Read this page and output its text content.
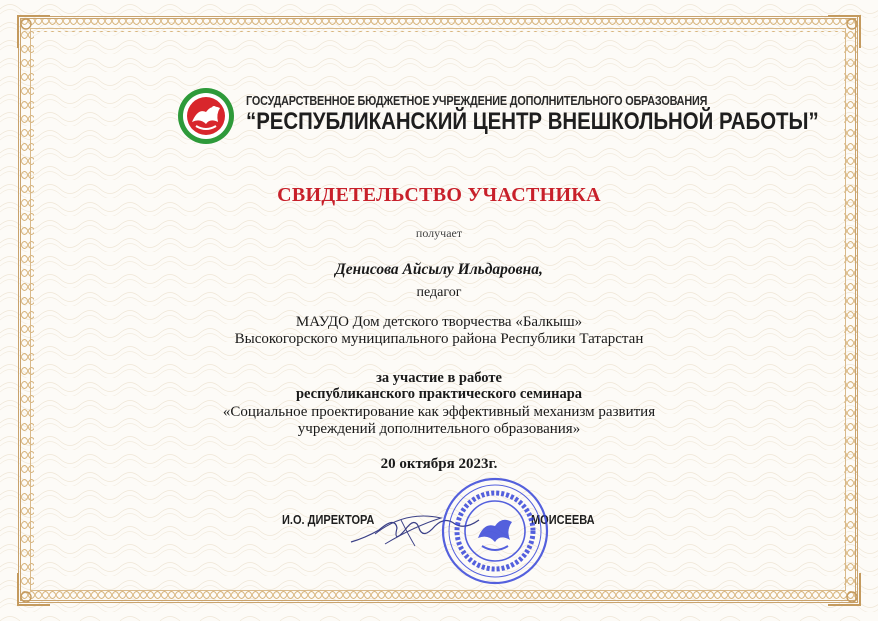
ГОСУДАРСТВЕННОЕ БЮДЖЕТНОЕ УЧРЕЖДЕНИЕ ДОПОЛНИТЕЛЬНОГО ОБРАЗОВАНИЯ
“РЕСПУБЛИКАНСКИЙ ЦЕНТР ВНЕШКОЛЬНОЙ РАБОТЫ”
СВИДЕТЕЛЬСТВО УЧАСТНИКА
получает
Денисова Айсылу Ильдаровна,
педагог
МАУДО Дом детского творчества «Балкыш»
Высокогорского муниципального района Республики Татарстан
за участие в работе
республиканского практического семинара
«Социальное проектирование как эффективный механизм развития
учреждений дополнительного образования»
20 октября 2023г.
И.О. ДИРЕКТОРА	МОИСЕЕВА
